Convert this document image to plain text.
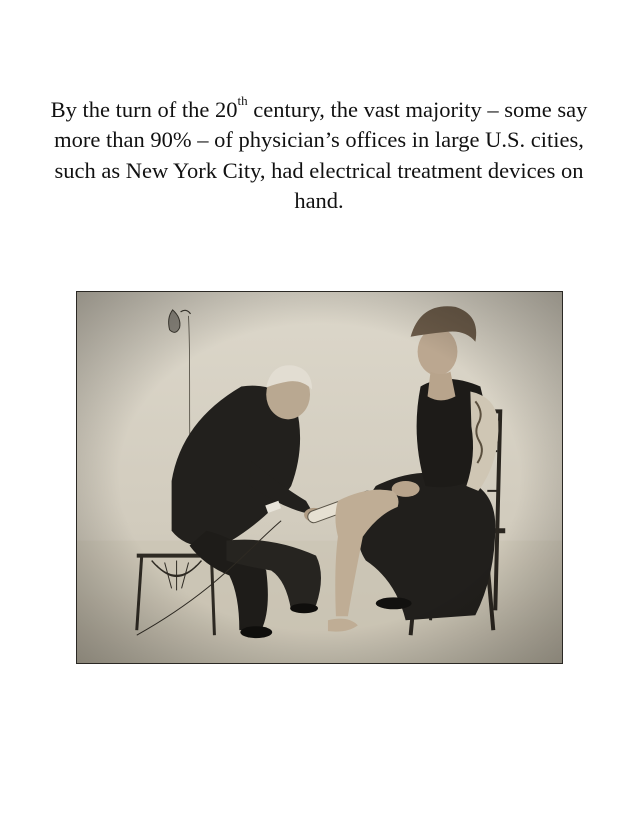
By the turn of the 20th century, the vast majority – some say more than 90% – of physician’s offices in large U.S. cities, such as New York City, had electrical treatment devices on hand.
